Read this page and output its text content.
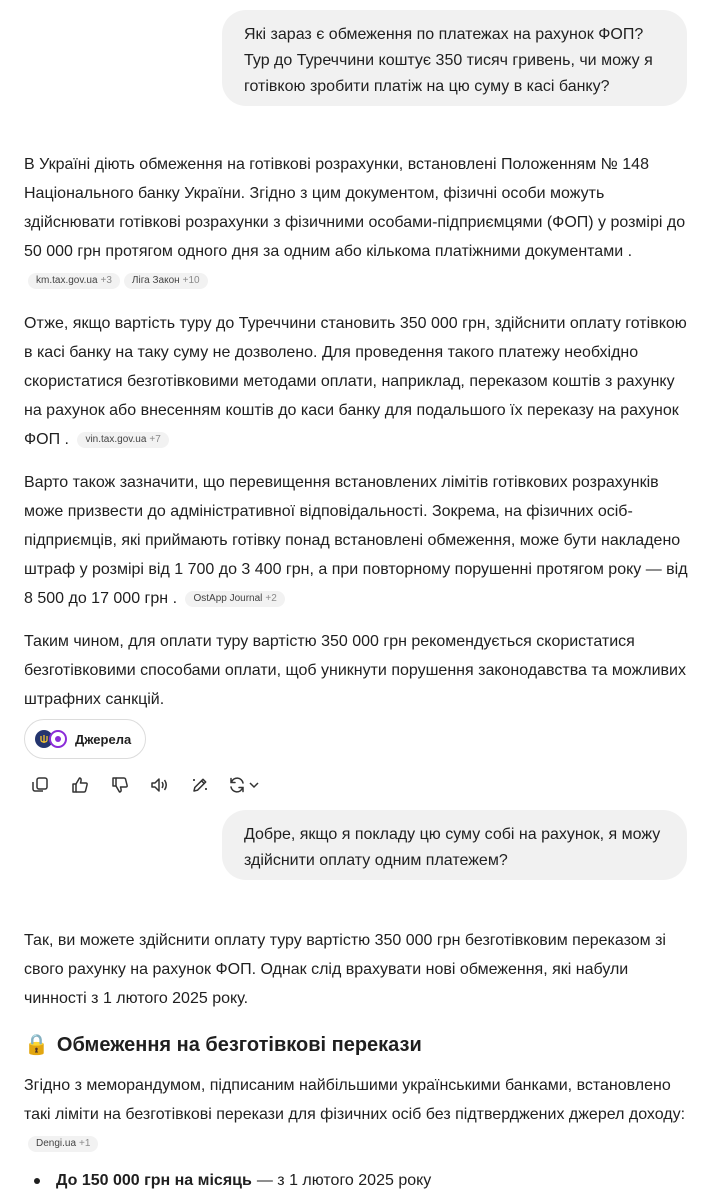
Які зараз є обмеження по платежах на рахунок ФОП? Тур до Туреччини коштує 350 тисяч гривень, чи можу я готівкою зробити платіж на цю суму в касі банку?

В Україні діють обмеження на готівкові розрахунки, встановлені Положенням № 148 Національного банку України. Згідно з цим документом, фізичні особи можуть здійснювати готівкові розрахунки з фізичними особами-підприємцями (ФОП) у розмірі до 50 000 грн протягом одного дня за одним або кількома платіжними документами . km.tax.gov.ua +3 Ліга Закон +10

Отже, якщо вартість туру до Туреччини становить 350 000 грн, здійснити оплату готівкою в касі банку на таку суму не дозволено. Для проведення такого платежу необхідно скористатися безготівковими методами оплати, наприклад, переказом коштів з рахунку на рахунок або внесенням коштів до каси банку для подальшого їх переказу на рахунок ФОП . vin.tax.gov.ua +7

Варто також зазначити, що перевищення встановлених лімітів готівкових розрахунків може призвести до адміністративної відповідальності. Зокрема, на фізичних осіб-підприємців, які приймають готівку понад встановлені обмеження, може бути накладено штраф у розмірі від 1 700 до 3 400 грн, а при повторному порушенні протягом року — від 8 500 до 17 000 грн . OstApp Journal +2

Таким чином, для оплати туру вартістю 350 000 грн рекомендується скористатися безготівковими способами оплати, щоб уникнути порушення законодавства та можливих штрафних санкцій.

Джерела
Добре, якщо я покладу цю суму собі на рахунок, я можу здійснити оплату одним платежем?

Так, ви можете здійснити оплату туру вартістю 350 000 грн безготівковим переказом зі свого рахунку на рахунок ФОП. Однак слід врахувати нові обмеження, які набули чинності з 1 лютого 2025 року.

🔒 Обмеження на безготівкові перекази

Згідно з меморандумом, підписаним найбільшими українськими банками, встановлено такі ліміти на безготівкові перекази для фізичних осіб без підтверджених джерел доходу: Dengi.ua +1

До 150 000 грн на місяць — з 1 лютого 2025 року
